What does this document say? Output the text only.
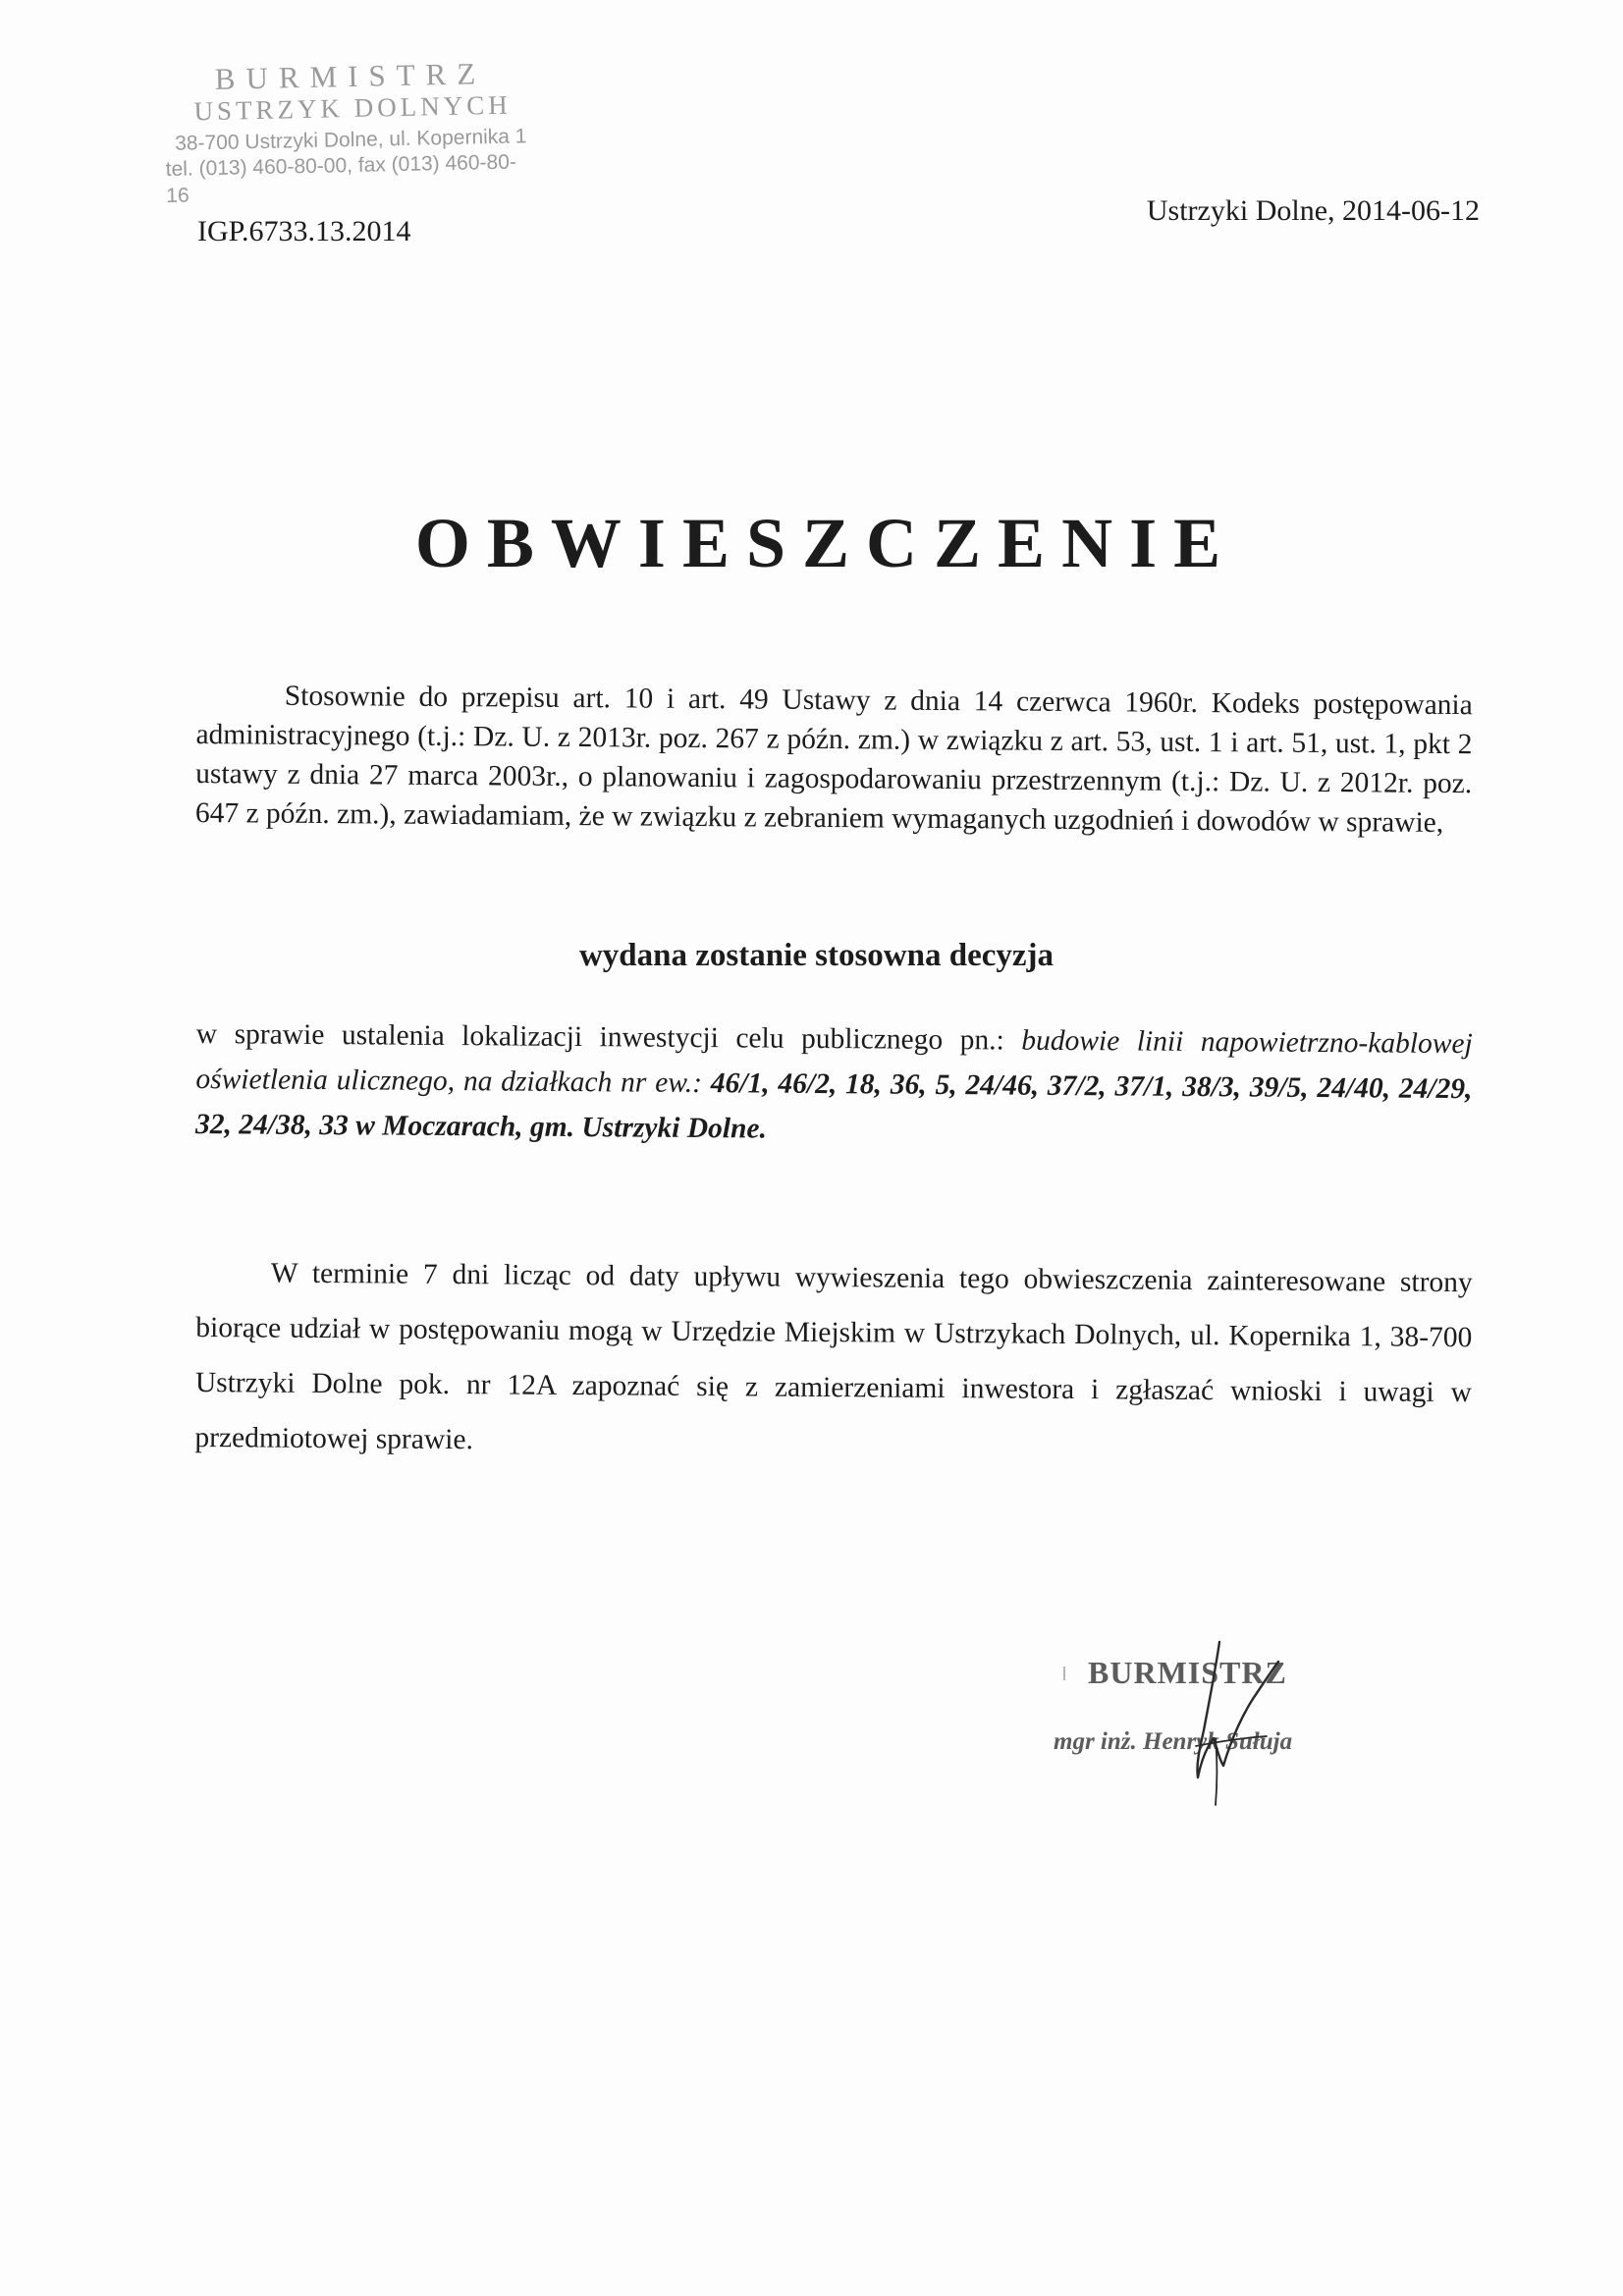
BURMISTRZ
USTRZYK DOLNYCH
38-700 Ustrzyki Dolne, ul. Kopernika 1
tel. (013) 460-80-00, fax (013) 460-80-16
IGP.6733.13.2014
Ustrzyki Dolne, 2014-06-12
OBWIESZCZENIE
Stosownie do przepisu art. 10 i art. 49 Ustawy z dnia 14 czerwca 1960r. Kodeks postępowania administracyjnego (t.j.: Dz. U. z 2013r. poz. 267 z późn. zm.) w związku z art. 53, ust. 1 i art. 51, ust. 1, pkt 2 ustawy z dnia 27 marca 2003r., o planowaniu i zagospodarowaniu przestrzennym (t.j.: Dz. U. z 2012r. poz. 647 z późn. zm.), zawiadamiam, że w związku z zebraniem wymaganych uzgodnień i dowodów w sprawie,
wydana zostanie stosowna decyzja
w sprawie ustalenia lokalizacji inwestycji celu publicznego pn.: budowie linii napowietrzno-kablowej oświetlenia ulicznego, na działkach nr ew.: 46/1, 46/2, 18, 36, 5, 24/46, 37/2, 37/1, 38/3, 39/5, 24/40, 24/29, 32, 24/38, 33 w Moczarach, gm. Ustrzyki Dolne.
W terminie 7 dni licząc od daty upływu wywieszenia tego obwieszczenia zainteresowane strony biorące udział w postępowaniu mogą w Urzędzie Miejskim w Ustrzykach Dolnych, ul. Kopernika 1, 38-700 Ustrzyki Dolne pok. nr 12A zapoznać się z zamierzeniami inwestora i zgłaszać wnioski i uwagi w przedmiotowej sprawie.
BURMISTRZ
mgr inż. Henryk Sułuja
